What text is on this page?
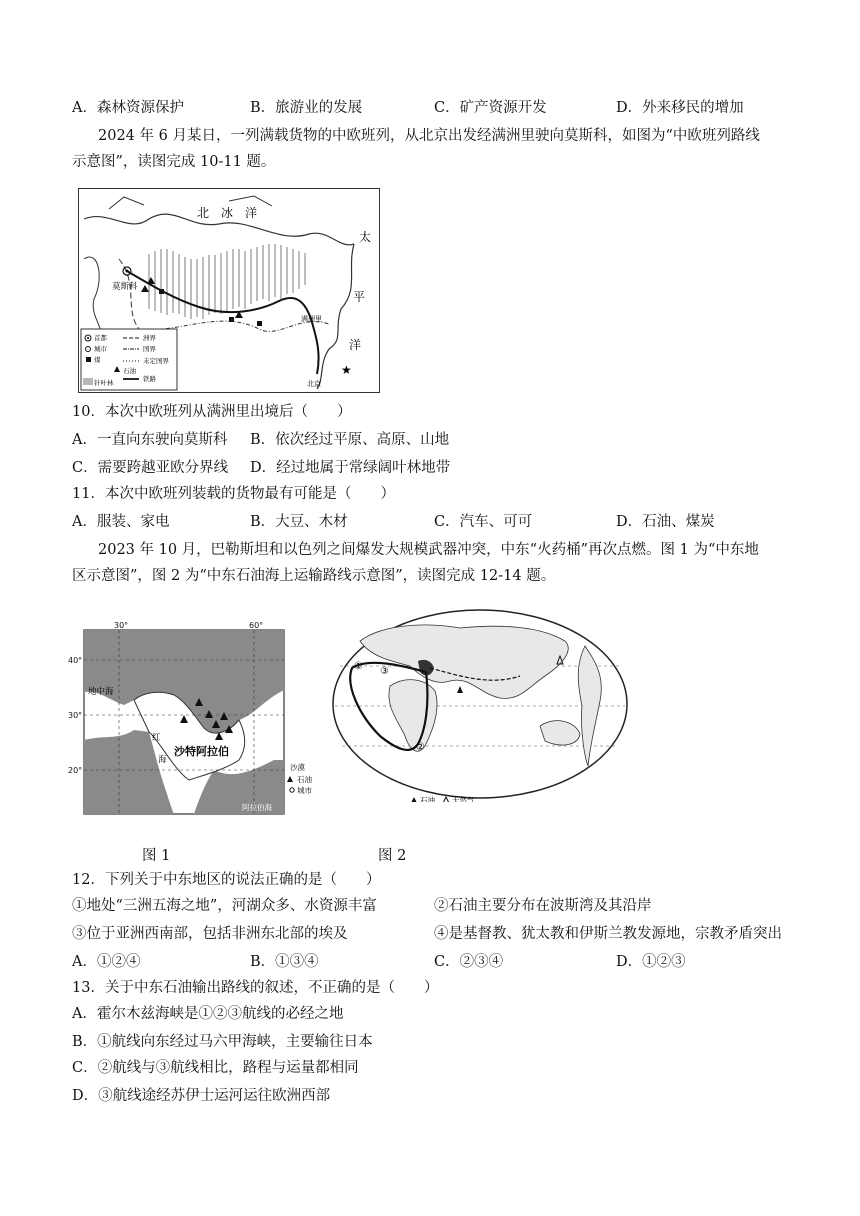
A．森林资源保护	B．旅游业的发展	C．矿产资源开发	D．外来移民的增加
2024 年 6 月某日，一列满载货物的中欧班列，从北京出发经满洲里驶向莫斯科，如图为“中欧班列路线
示意图”，读图完成 10-11 题。
莫斯科
满洲里
北京
★
北　冰　洋
太
平
洋
首都
城市
煤
石油
针叶林
洲界
国界
未定国界
铁路
10．本次中欧班列从满洲里出境后（　　）
A．一直向东驶向莫斯科 B．依次经过平原、高原、山地
C．需要跨越亚欧分界线 D．经过地属于常绿阔叶林地带
11．本次中欧班列装载的货物最有可能是（　　）
A．服装、家电	B．大豆、木材	C．汽车、可可	D．石油、煤炭
2023 年 10 月，巴勒斯坦和以色列之间爆发大规模武器冲突，中东“火药桶”再次点燃。图 1 为“中东地
区示意图”，图 2 为“中东石油海上运输路线示意图”，读图完成 12-14 题。
30°	60°
40°
30°
20°
地中海
红
海
沙特阿拉伯
阿拉伯海
沙漠
石油
城市
①
②
③
石油 天然气
图 1	图 2
12．下列关于中东地区的说法正确的是（　　）
①地处“三洲五海之地”，河湖众多、水资源丰富	②石油主要分布在波斯湾及其沿岸
③位于亚洲西南部，包括非洲东北部的埃及	④是基督教、犹太教和伊斯兰教发源地，宗教矛盾突出
A．①②④	B．①③④	C．②③④	D．①②③
13．关于中东石油输出路线的叙述，不正确的是（　　）
A．霍尔木兹海峡是①②③航线的必经之地
B．①航线向东经过马六甲海峡，主要输往日本
C．②航线与③航线相比，路程与运量都相同
D．③航线途经苏伊士运河运往欧洲西部
